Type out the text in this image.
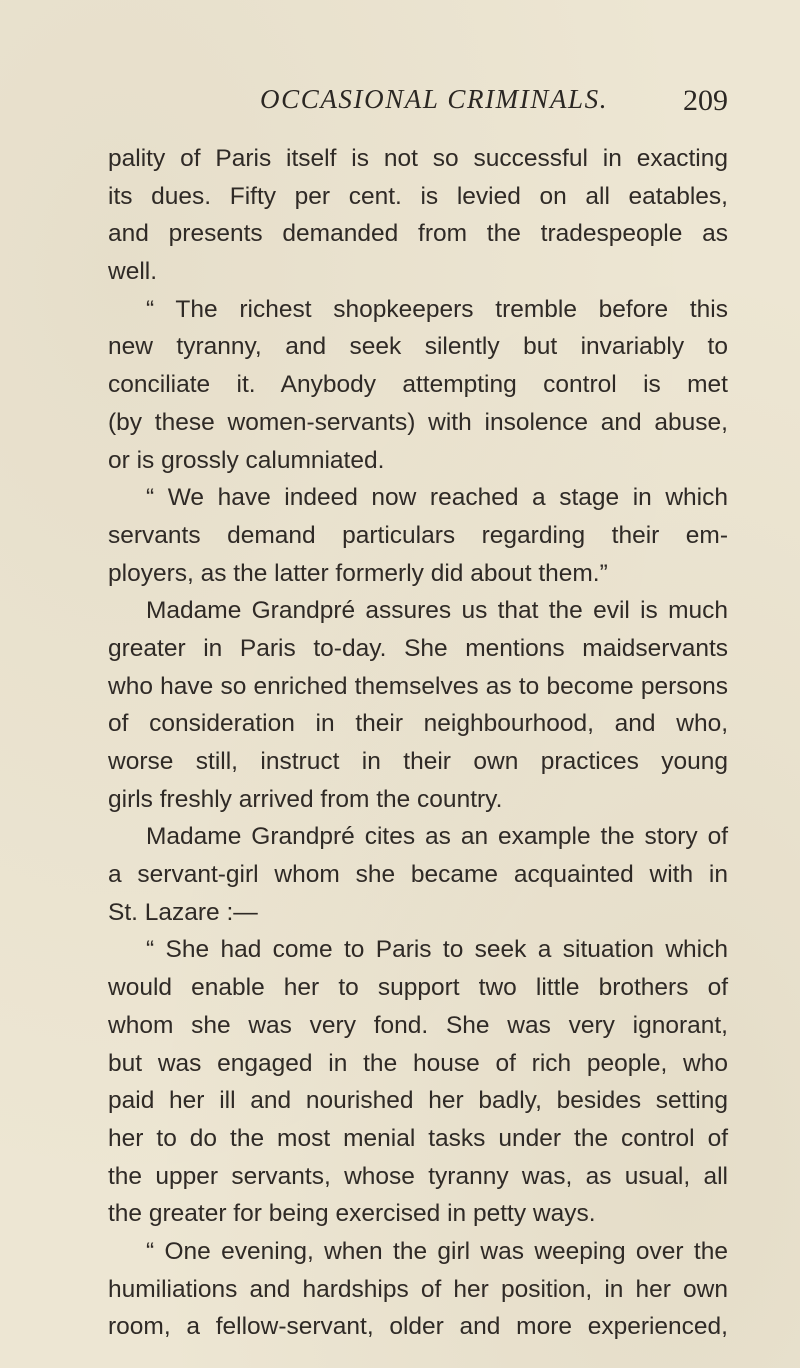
OCCASIONAL CRIMINALS. 209
pality of Paris itself is not so successful in exacting
its dues. Fifty per cent. is levied on all eatables,
and presents demanded from the tradespeople as
well.
“ The richest shopkeepers tremble before this
new tyranny, and seek silently but invariably to
conciliate it. Anybody attempting control is met
(by these women-servants) with insolence and abuse,
or is grossly calumniated.
“ We have indeed now reached a stage in which
servants demand particulars regarding their em-
ployers, as the latter formerly did about them.”
Madame Grandpré assures us that the evil is much
greater in Paris to-day. She mentions maidservants
who have so enriched themselves as to become persons
of consideration in their neighbourhood, and who,
worse still, instruct in their own practices young
girls freshly arrived from the country.
Madame Grandpré cites as an example the story of
a servant-girl whom she became acquainted with in
St. Lazare :—
“ She had come to Paris to seek a situation which
would enable her to support two little brothers of
whom she was very fond. She was very ignorant,
but was engaged in the house of rich people, who
paid her ill and nourished her badly, besides setting
her to do the most menial tasks under the control of
the upper servants, whose tyranny was, as usual, all
the greater for being exercised in petty ways.
“ One evening, when the girl was weeping over the
humiliations and hardships of her position, in her own
room, a fellow-servant, older and more experienced,
